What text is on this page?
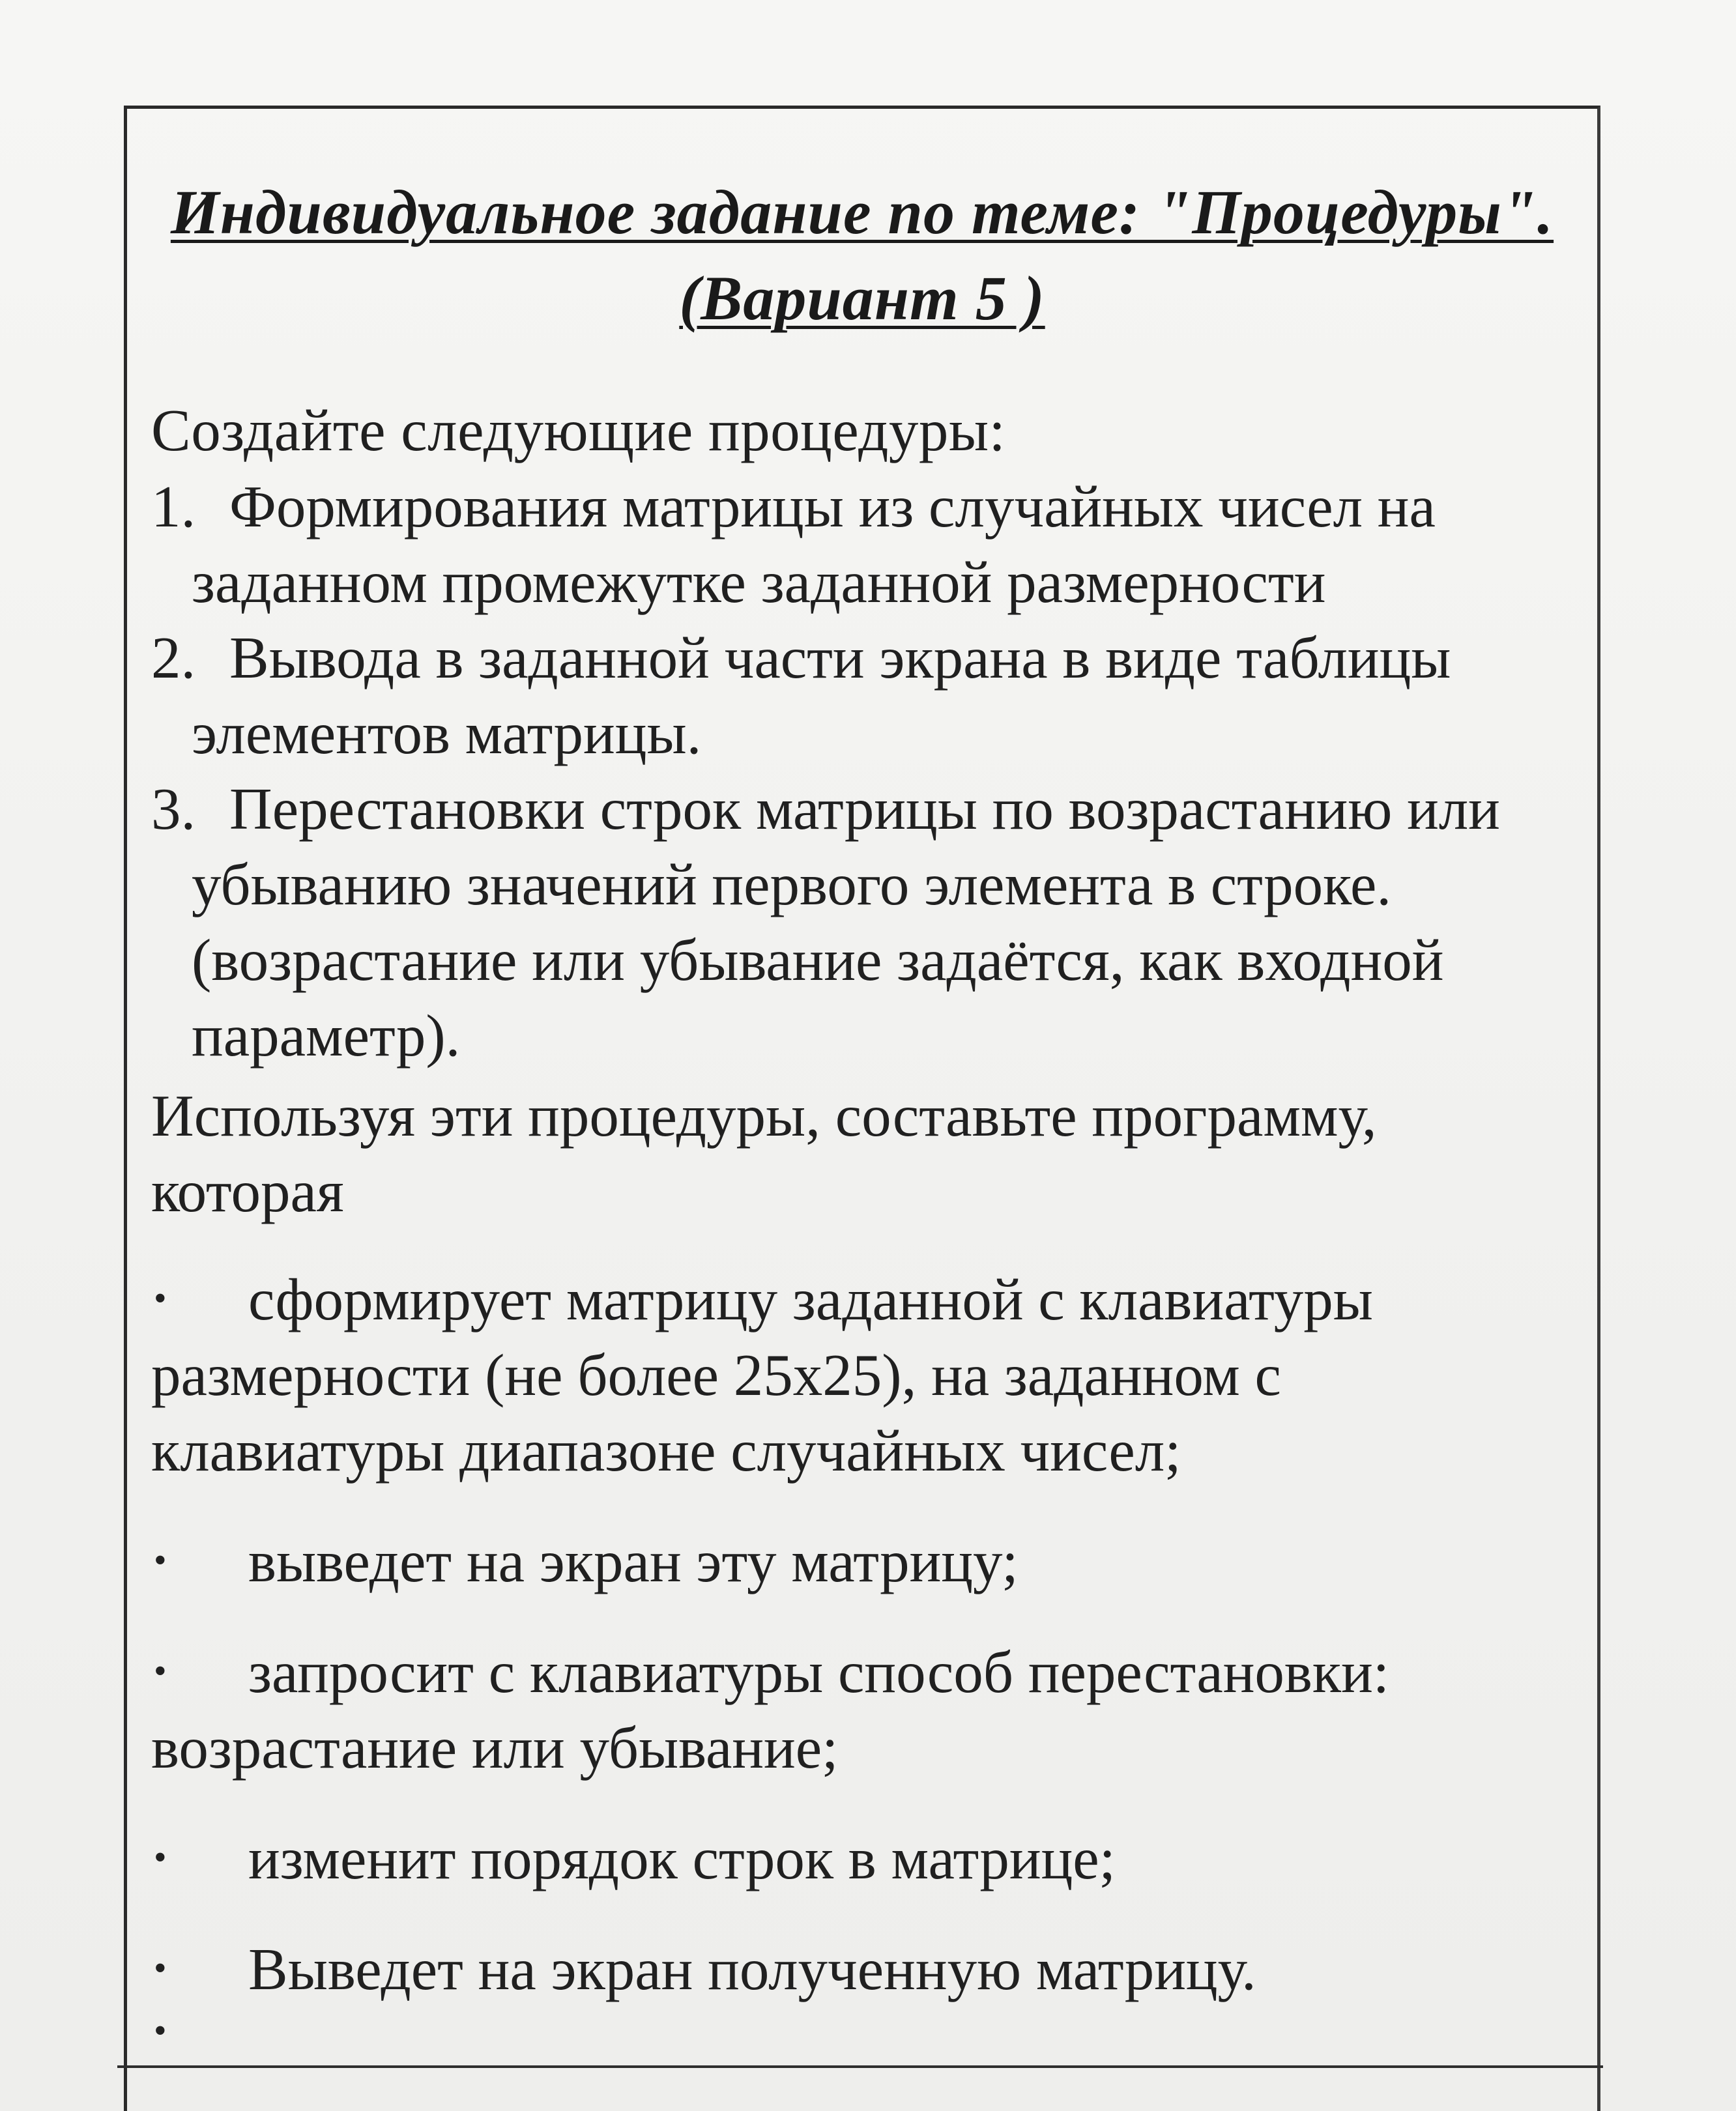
Индивидуальное задание по теме: "Процедуры".
(Вариант 5 )
Создайте следующие процедуры:
1. Формирования матрицы из случайных чисел на заданном промежутке заданной размерности
2. Вывода в заданной части экрана в виде таблицы элементов матрицы.
3. Перестановки строк матрицы по возрастанию или убыванию значений первого элемента в строке. (возрастание или убывание задаётся, как входной параметр).
Используя эти процедуры, составьте программу, которая
• сформирует матрицу заданной с клавиатуры размерности (не более 25х25), на заданном с клавиатуры диапазоне случайных чисел;
• выведет на экран эту матрицу;
• запросит с клавиатуры способ перестановки: возрастание или убывание;
• изменит порядок строк в матрице;
• Выведет на экран полученную матрицу.
•
